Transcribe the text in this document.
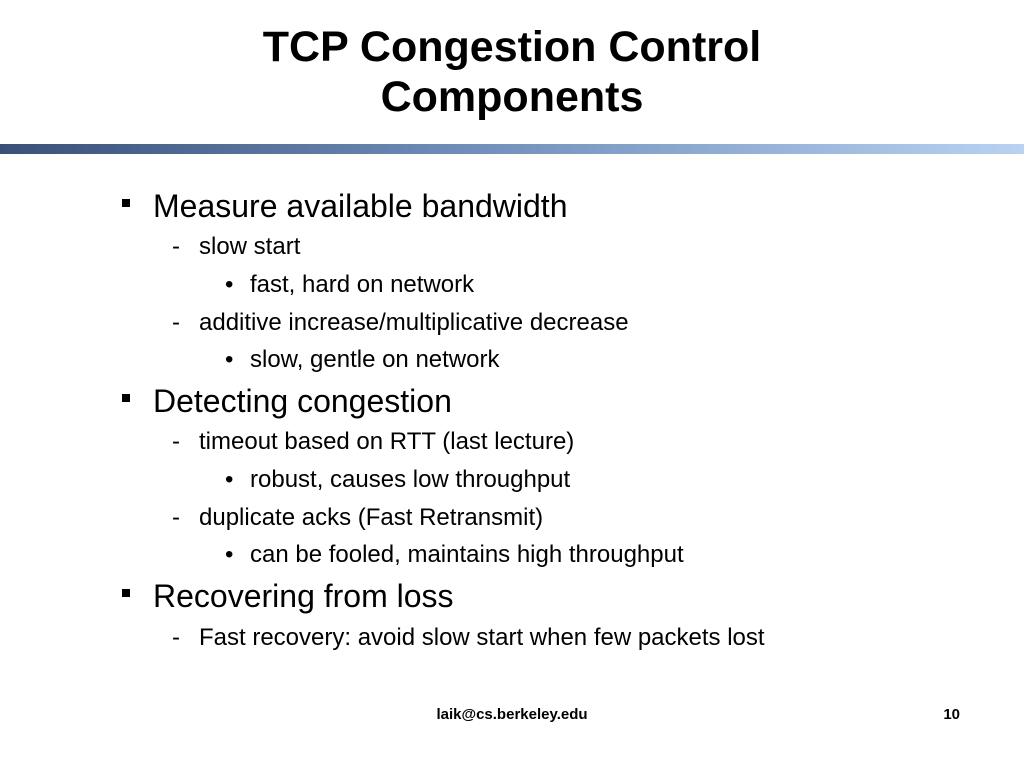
TCP Congestion Control
Components
Measure available bandwidth
- slow start
• fast, hard on network
- additive increase/multiplicative decrease
• slow, gentle on network
Detecting congestion
- timeout based on RTT (last lecture)
• robust, causes low throughput
- duplicate acks (Fast Retransmit)
• can be fooled, maintains high throughput
Recovering from loss
- Fast recovery: avoid slow start when few packets lost
laik@cs.berkeley.edu	10
